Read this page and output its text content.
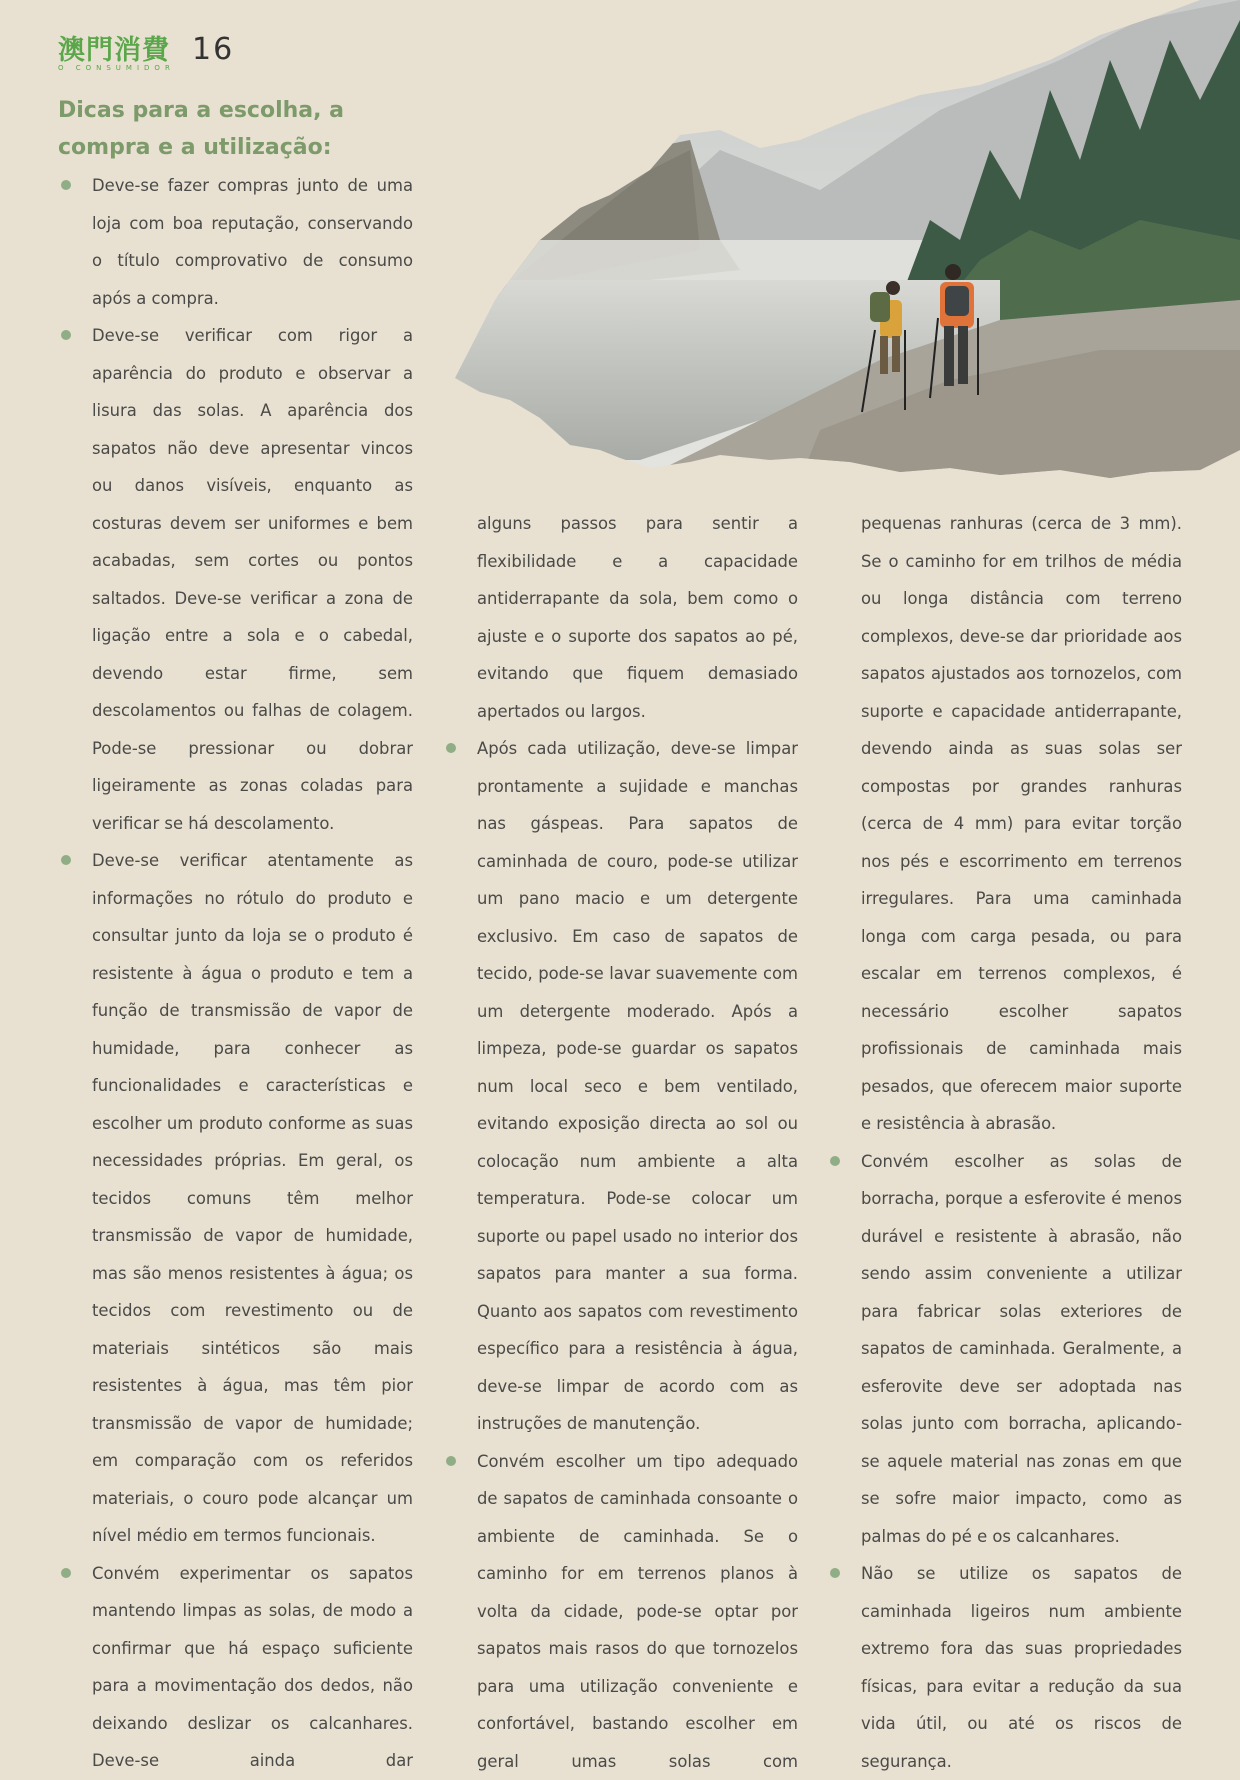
澳門消費
O CONSUMIDOR
16
Dicas para a escolha, a compra e a utilização:

Deve-se fazer compras junto de uma loja com boa reputação, conservando o título comprovativo de consumo após a compra.

Deve-se verificar com rigor a aparência do produto e observar a lisura das solas. A aparência dos sapatos não deve apresentar vincos ou danos visíveis, enquanto as costuras devem ser uniformes e bem acabadas, sem cortes ou pontos saltados. Deve-se verificar a zona de ligação entre a sola e o cabedal, devendo estar firme, sem descolamentos ou falhas de colagem. Pode-se pressionar ou dobrar ligeiramente as zonas coladas para verificar se há descolamento.

Deve-se verificar atentamente as informações no rótulo do produto e consultar junto da loja se o produto é resistente à água o produto e tem a função de transmissão de vapor de humidade, para conhecer as funcionalidades e características e escolher um produto conforme as suas necessidades próprias. Em geral, os tecidos comuns têm melhor transmissão de vapor de humidade, mas são menos resistentes à água; os tecidos com revestimento ou de materiais sintéticos são mais resistentes à água, mas têm pior transmissão de vapor de humidade; em comparação com os referidos materiais, o couro pode alcançar um nível médio em termos funcionais.

Convém experimentar os sapatos mantendo limpas as solas, de modo a confirmar que há espaço suficiente para a movimentação dos dedos, não deixando deslizar os calcanhares. Deve-se ainda dar

alguns passos para sentir a flexibilidade e a capacidade antiderrapante da sola, bem como o ajuste e o suporte dos sapatos ao pé, evitando que fiquem demasiado apertados ou largos.

Após cada utilização, deve-se limpar prontamente a sujidade e manchas nas gáspeas. Para sapatos de caminhada de couro, pode-se utilizar um pano macio e um detergente exclusivo. Em caso de sapatos de tecido, pode-se lavar suavemente com um detergente moderado. Após a limpeza, pode-se guardar os sapatos num local seco e bem ventilado, evitando exposição directa ao sol ou colocação num ambiente a alta temperatura. Pode-se colocar um suporte ou papel usado no interior dos sapatos para manter a sua forma. Quanto aos sapatos com revestimento específico para a resistência à água, deve-se limpar de acordo com as instruções de manutenção.

Convém escolher um tipo adequado de sapatos de caminhada consoante o ambiente de caminhada. Se o caminho for em terrenos planos à volta da cidade, pode-se optar por sapatos mais rasos do que tornozelos para uma utilização conveniente e confortável, bastando escolher em geral umas solas com

pequenas ranhuras (cerca de 3 mm). Se o caminho for em trilhos de média ou longa distância com terreno complexos, deve-se dar prioridade aos sapatos ajustados aos tornozelos, com suporte e capacidade antiderrapante, devendo ainda as suas solas ser compostas por grandes ranhuras (cerca de 4 mm) para evitar torção nos pés e escorrimento em terrenos irregulares. Para uma caminhada longa com carga pesada, ou para escalar em terrenos complexos, é necessário escolher sapatos profissionais de caminhada mais pesados, que oferecem maior suporte e resistência à abrasão.

Convém escolher as solas de borracha, porque a esferovite é menos durável e resistente à abrasão, não sendo assim conveniente a utilizar para fabricar solas exteriores de sapatos de caminhada. Geralmente, a esferovite deve ser adoptada nas solas junto com borracha, aplicando-se aquele material nas zonas em que se sofre maior impacto, como as palmas do pé e os calcanhares.

Não se utilize os sapatos de caminhada ligeiros num ambiente extremo fora das suas propriedades físicas, para evitar a redução da sua vida útil, ou até os riscos de segurança.
